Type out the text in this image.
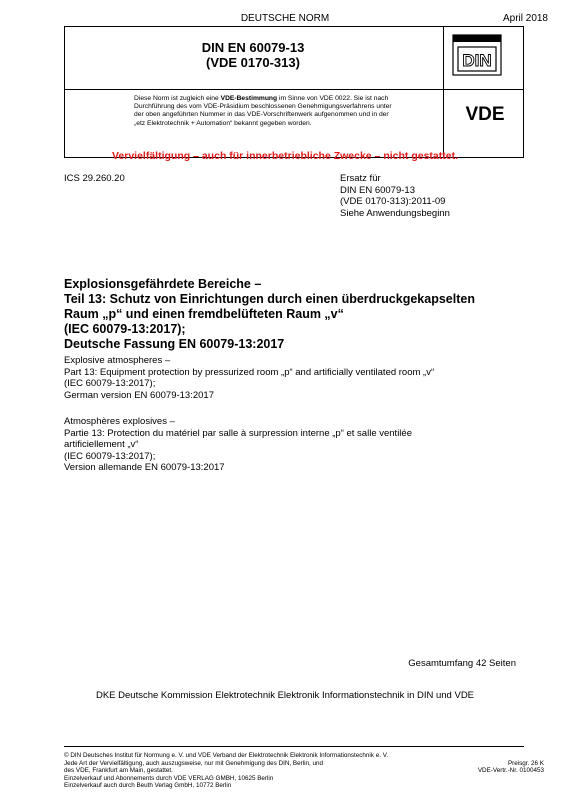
DEUTSCHE NORM	April 2018
DIN EN 60079-13
(VDE 0170-313)
Diese Norm ist zugleich eine VDE-Bestimmung im Sinne von VDE 0022. Sie ist nach
Durchführung des vom VDE-Präsidium beschlossenen Genehmigungsverfahrens unter
der oben angeführten Nummer in das VDE-Vorschriftenwerk aufgenommen und in der
„etz Elektrotechnik + Automation“ bekannt gegeben worden.
DIN
VDE
Vervielfältigung – auch für innerbetriebliche Zwecke – nicht gestattet.
ICS 29.260.20	Ersatz für
DIN EN 60079-13
(VDE 0170-313):2011-09
Siehe Anwendungsbeginn
Explosionsgefährdete Bereiche –
Teil 13: Schutz von Einrichtungen durch einen überdruckgekapselten
Raum „p“ und einen fremdbelüfteten Raum „v“
(IEC 60079-13:2017);
Deutsche Fassung EN 60079-13:2017
Explosive atmospheres –
Part 13: Equipment protection by pressurized room „p“ and artificially ventilated room „v“
(IEC 60079-13:2017);
German version EN 60079-13:2017
Atmosphères explosives –
Partie 13: Protection du matériel par salle à surpression interne „p“ et salle ventilée
artificiellement „v“
(IEC 60079-13:2017);
Version allemande EN 60079-13:2017
Gesamtumfang 42 Seiten
DKE Deutsche Kommission Elektrotechnik Elektronik Informationstechnik in DIN und VDE
© DIN Deutsches Institut für Normung e. V. und VDE Verband der Elektrotechnik Elektronik Informationstechnik e. V.
Jede Art der Vervielfältigung, auch auszugsweise, nur mit Genehmigung des DIN, Berlin, und
des VDE, Frankfurt am Main, gestattet.
Einzelverkauf und Abonnements durch VDE VERLAG GMBH, 10625 Berlin
Einzelverkauf auch durch Beuth Verlag GmbH, 10772 Berlin
Preisgr. 26 K
VDE-Vertr.-Nr. 0100453
